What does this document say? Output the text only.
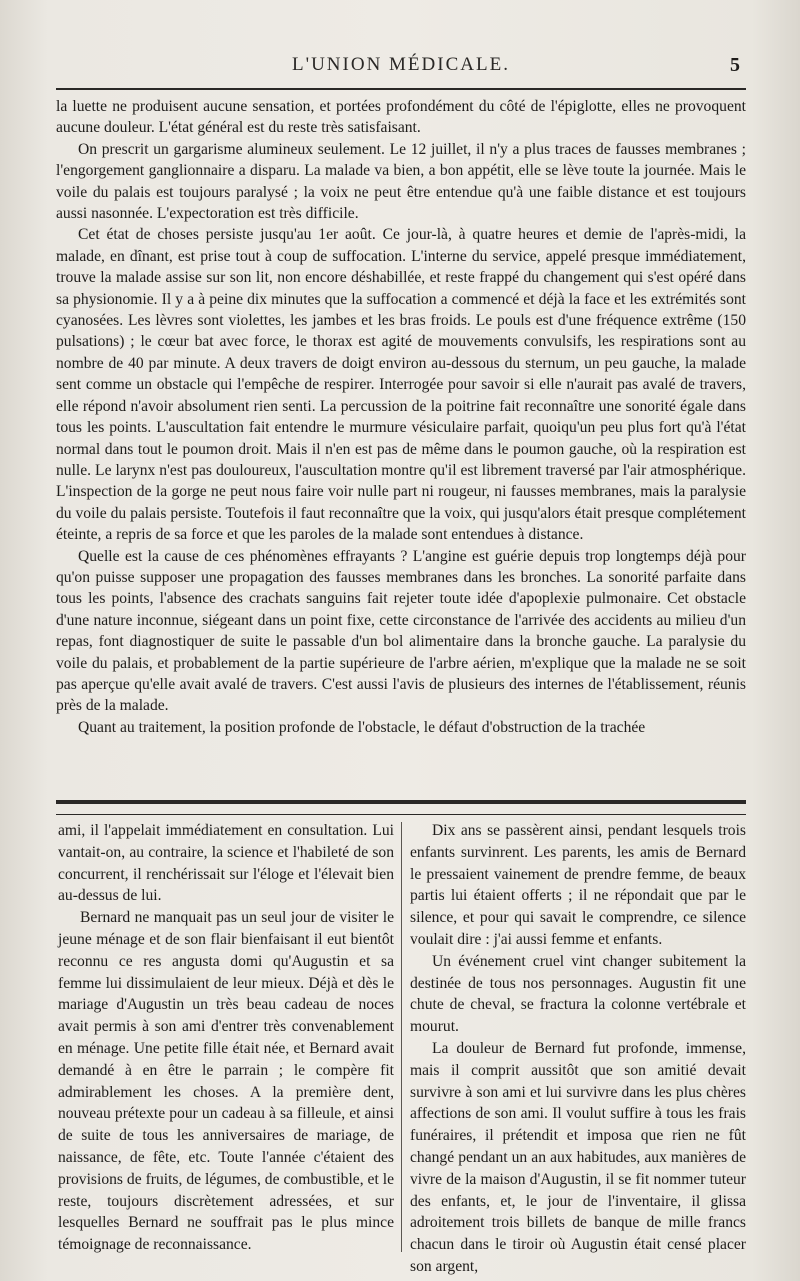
L'UNION MÉDICALE.	5

la luette ne produisent aucune sensation, et portées profondément du côté de l'épiglotte, elles ne provoquent aucune douleur. L'état général est du reste très satisfaisant.

On prescrit un gargarisme alumineux seulement. Le 12 juillet, il n'y a plus traces de fausses membranes ; l'engorgement ganglionnaire a disparu. La malade va bien, a bon appétit, elle se lève toute la journée. Mais le voile du palais est toujours paralysé ; la voix ne peut être entendue qu'à une faible distance et est toujours aussi nasonnée. L'expectoration est très difficile.

Cet état de choses persiste jusqu'au 1er août. Ce jour-là, à quatre heures et demie de l'après-midi, la malade, en dînant, est prise tout à coup de suffocation. L'interne du service, appelé presque immédiatement, trouve la malade assise sur son lit, non encore déshabillée, et reste frappé du changement qui s'est opéré dans sa physionomie. Il y a à peine dix minutes que la suffocation a commencé et déjà la face et les extrémités sont cyanosées. Les lèvres sont violettes, les jambes et les bras froids. Le pouls est d'une fréquence extrême (150 pulsations) ; le cœur bat avec force, le thorax est agité de mouvements convulsifs, les respirations sont au nombre de 40 par minute. A deux travers de doigt environ au-dessous du sternum, un peu gauche, la malade sent comme un obstacle qui l'empêche de respirer. Interrogée pour savoir si elle n'aurait pas avalé de travers, elle répond n'avoir absolument rien senti. La percussion de la poitrine fait reconnaître une sonorité égale dans tous les points. L'auscultation fait entendre le murmure vésiculaire parfait, quoiqu'un peu plus fort qu'à l'état normal dans tout le poumon droit. Mais il n'en est pas de même dans le poumon gauche, où la respiration est nulle. Le larynx n'est pas douloureux, l'auscultation montre qu'il est librement traversé par l'air atmosphérique. L'inspection de la gorge ne peut nous faire voir nulle part ni rougeur, ni fausses membranes, mais la paralysie du voile du palais persiste. Toutefois il faut reconnaître que la voix, qui jusqu'alors était presque complétement éteinte, a repris de sa force et que les paroles de la malade sont entendues à distance.

Quelle est la cause de ces phénomènes effrayants ? L'angine est guérie depuis trop longtemps déjà pour qu'on puisse supposer une propagation des fausses membranes dans les bronches. La sonorité parfaite dans tous les points, l'absence des crachats sanguins fait rejeter toute idée d'apoplexie pulmonaire. Cet obstacle d'une nature inconnue, siégeant dans un point fixe, cette circonstance de l'arrivée des accidents au milieu d'un repas, font diagnostiquer de suite le passable d'un bol alimentaire dans la bronche gauche. La paralysie du voile du palais, et probablement de la partie supérieure de l'arbre aérien, m'explique que la malade ne se soit pas aperçue qu'elle avait avalé de travers. C'est aussi l'avis de plusieurs des internes de l'établissement, réunis près de la malade.

Quant au traitement, la position profonde de l'obstacle, le défaut d'obstruction de la trachée

ami, il l'appelait immédiatement en consultation. Lui vantait-on, au contraire, la science et l'habileté de son concurrent, il renchérissait sur l'éloge et l'élevait bien au-dessus de lui.

Bernard ne manquait pas un seul jour de visiter le jeune ménage et de son flair bienfaisant il eut bientôt reconnu ce res angusta domi qu'Augustin et sa femme lui dissimulaient de leur mieux. Déjà et dès le mariage d'Augustin un très beau cadeau de noces avait permis à son ami d'entrer très convenablement en ménage. Une petite fille était née, et Bernard avait demandé à en être le parrain ; le compère fit admirablement les choses. A la première dent, nouveau prétexte pour un cadeau à sa filleule, et ainsi de suite de tous les anniversaires de mariage, de naissance, de fête, etc. Toute l'année c'étaient des provisions de fruits, de légumes, de combustible, et le reste, toujours discrètement adressées, et sur lesquelles Bernard ne souffrait pas le plus mince témoignage de reconnaissance.

Dix ans se passèrent ainsi, pendant lesquels trois enfants survinrent. Les parents, les amis de Bernard le pressaient vainement de prendre femme, de beaux partis lui étaient offerts ; il ne répondait que par le silence, et pour qui savait le comprendre, ce silence voulait dire : j'ai aussi femme et enfants.

Un événement cruel vint changer subitement la destinée de tous nos personnages. Augustin fit une chute de cheval, se fractura la colonne vertébrale et mourut.

La douleur de Bernard fut profonde, immense, mais il comprit aussitôt que son amitié devait survivre à son ami et lui survivre dans les plus chères affections de son ami. Il voulut suffire à tous les frais funéraires, il prétendit et imposa que rien ne fût changé pendant un an aux habitudes, aux manières de vivre de la maison d'Augustin, il se fit nommer tuteur des enfants, et, le jour de l'inventaire, il glissa adroitement trois billets de banque de mille francs chacun dans le tiroir où Augustin était censé placer son argent,
